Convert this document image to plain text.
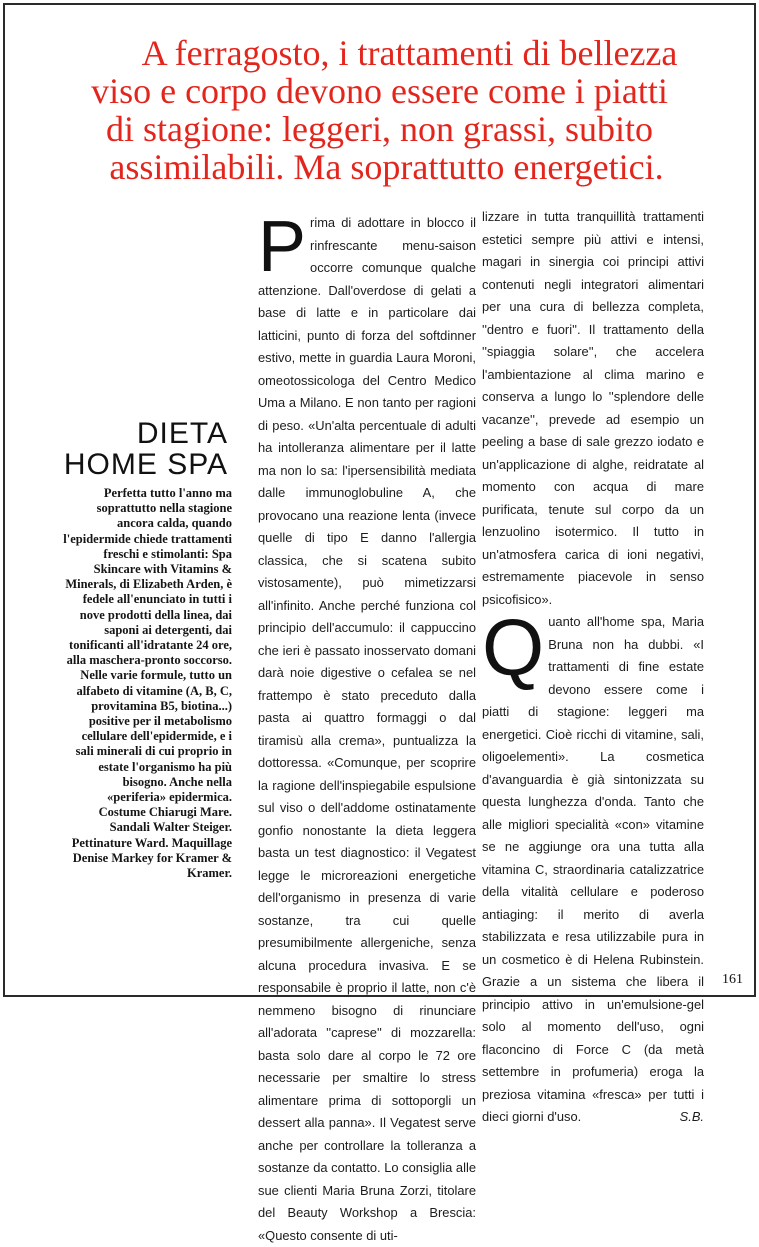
A ferragosto, i trattamenti di bellezza
viso e corpo devono essere come i piatti
di stagione: leggeri, non grassi, subito
assimilabili. Ma soprattutto energetici.
DIETA
HOME SPA
Perfetta tutto l'anno ma soprattutto nella stagione ancora calda, quando l'epidermide chiede trattamenti freschi e stimolanti: Spa Skincare with Vitamins & Minerals, di Elizabeth Arden, è fedele all'enunciato in tutti i nove prodotti della linea, dai saponi ai detergenti, dai tonificanti all'idratante 24 ore, alla maschera-pronto soccorso. Nelle varie formule, tutto un alfabeto di vitamine (A, B, C, provitamina B5, biotina...) positive per il metabolismo cellulare dell'epidermide, e i sali minerali di cui proprio in estate l'organismo ha più bisogno. Anche nella «periferia» epidermica. Costume Chiarugi Mare. Sandali Walter Steiger. Pettinature Ward. Maquillage Denise Markey for Kramer & Kramer.
P rima di adottare in blocco il rinfrescante menu-saison occorre comunque qualche attenzione. Dall'overdose di gelati a base di latte e in particolare dai latticini, punto di forza del softdinner estivo, mette in guardia Laura Moroni, omeotossicologa del Centro Medico Uma a Milano. E non tanto per ragioni di peso. «Un'alta percentuale di adulti ha intolleranza alimentare per il latte ma non lo sa: l'ipersensibilità mediata dalle immunoglobuline A, che provocano una reazione lenta (invece quelle di tipo E danno l'allergia classica, che si scatena subito vistosamente), può mimetizzarsi all'infinito. Anche perché funziona col principio dell'accumulo: il cappuccino che ieri è passato inosservato domani darà noie digestive o cefalea se nel frattempo è stato preceduto dalla pasta ai quattro formaggi o dal tiramisù alla crema», puntualizza la dottoressa. «Comunque, per scoprire la ragione dell'inspiegabile espulsione sul viso o dell'addome ostinatamente gonfio nonostante la dieta leggera basta un test diagnostico: il Vegatest legge le microreazioni energetiche dell'organismo in presenza di varie sostanze, tra cui quelle presumibilmente allergeniche, senza alcuna procedura invasiva. E se responsabile è proprio il latte, non c'è nemmeno bisogno di rinunciare all'adorata ''caprese'' di mozzarella: basta solo dare al corpo le 72 ore necessarie per smaltire lo stress alimentare prima di sottoporgli un dessert alla panna». Il Vegatest serve anche per controllare la tolleranza a sostanze da contatto. Lo consiglia alle sue clienti Maria Bruna Zorzi, titolare del Beauty Workshop a Brescia: «Questo consente di uti-

lizzare in tutta tranquillità trattamenti estetici sempre più attivi e intensi, magari in sinergia coi principi attivi contenuti negli integratori alimentari per una cura di bellezza completa, ''dentro e fuori''. Il trattamento della ''spiaggia solare'', che accelera l'ambientazione al clima marino e conserva a lungo lo ''splendore delle vacanze'', prevede ad esempio un peeling a base di sale grezzo iodato e un'applicazione di alghe, reidratate al momento con acqua di mare purificata, tenute sul corpo da un lenzuolino isotermico. Il tutto in un'atmosfera carica di ioni negativi, estremamente piacevole in senso psicofisico».

Q uanto all'home spa, Maria Bruna non ha dubbi. «I trattamenti di fine estate devono essere come i piatti di stagione: leggeri ma energetici. Cioè ricchi di vitamine, sali, oligoelementi». La cosmetica d'avanguardia è già sintonizzata su questa lunghezza d'onda. Tanto che alle migliori specialità «con» vitamine se ne aggiunge ora una tutta alla vitamina C, straordinaria catalizzatrice della vitalità cellulare e poderoso antiaging: il merito di averla stabilizzata e resa utilizzabile pura in un cosmetico è di Helena Rubinstein. Grazie a un sistema che libera il principio attivo in un'emulsione-gel solo al momento dell'uso, ogni flaconcino di Force C (da metà settembre in profumeria) eroga la preziosa vitamina «fresca» per tutti i dieci giorni d'uso.	S.B.

161
